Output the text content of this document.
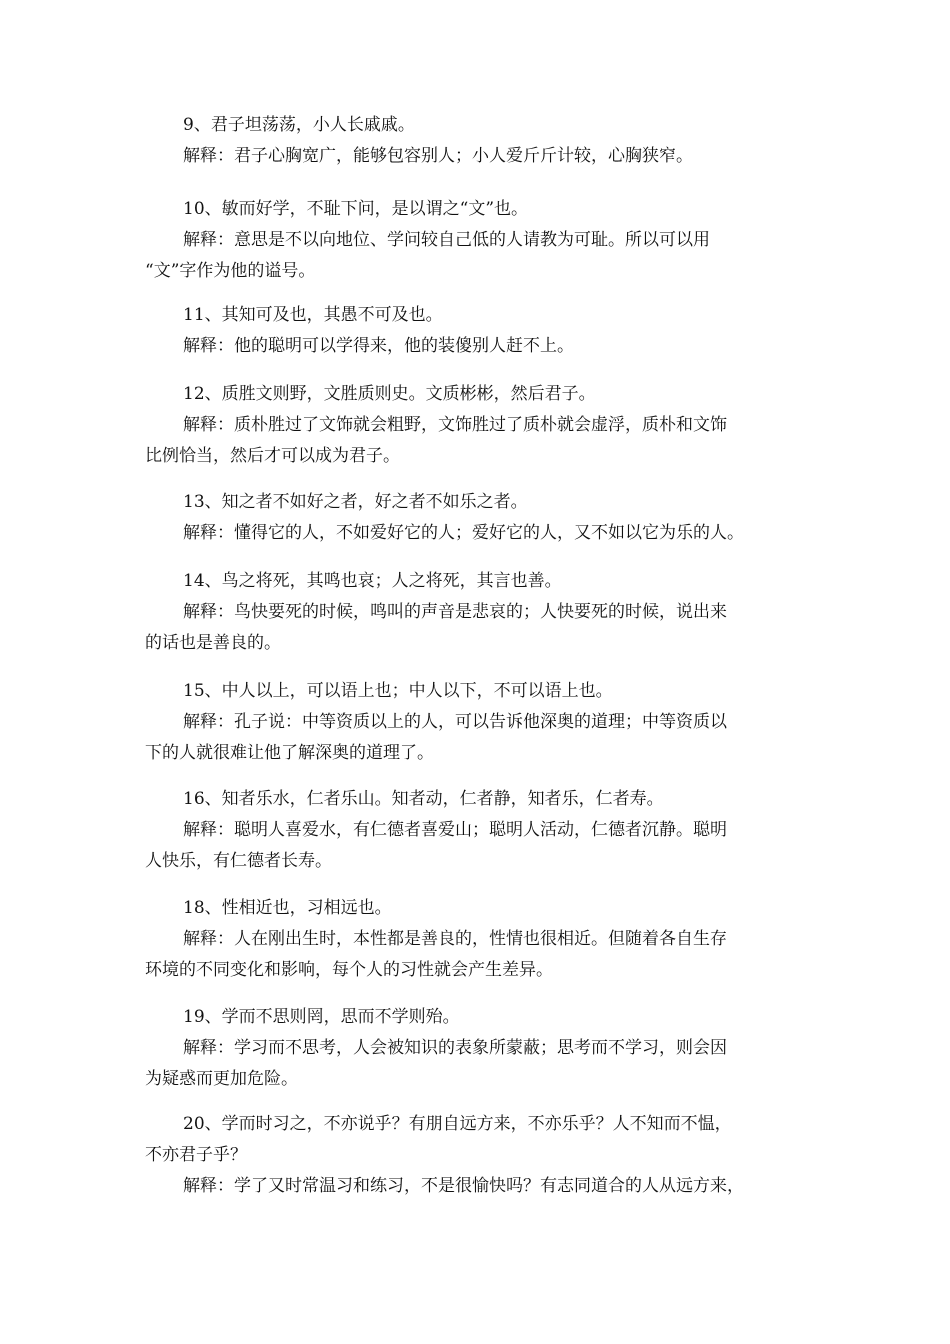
9、君子坦荡荡，小人长戚戚。
解释：君子心胸宽广，能够包容别人；小人爱斤斤计较，心胸狭窄。
10、敏而好学，不耻下问，是以谓之“文”也。
解释：意思是不以向地位、学问较自己低的人请教为可耻。所以可以用
“文”字作为他的谥号。
11、其知可及也，其愚不可及也。
解释：他的聪明可以学得来，他的装傻别人赶不上。
12、质胜文则野，文胜质则史。文质彬彬，然后君子。
解释：质朴胜过了文饰就会粗野，文饰胜过了质朴就会虚浮，质朴和文饰
比例恰当，然后才可以成为君子。
13、知之者不如好之者，好之者不如乐之者。
解释：懂得它的人，不如爱好它的人；爱好它的人，又不如以它为乐的人。
14、鸟之将死，其鸣也哀；人之将死，其言也善。
解释：鸟快要死的时候，鸣叫的声音是悲哀的；人快要死的时候，说出来
的话也是善良的。
15、中人以上，可以语上也；中人以下，不可以语上也。
解释：孔子说：中等资质以上的人，可以告诉他深奥的道理；中等资质以
下的人就很难让他了解深奥的道理了。
16、知者乐水，仁者乐山。知者动，仁者静，知者乐，仁者寿。
解释：聪明人喜爱水，有仁德者喜爱山；聪明人活动，仁德者沉静。聪明
人快乐，有仁德者长寿。
18、性相近也，习相远也。
解释：人在刚出生时，本性都是善良的，性情也很相近。但随着各自生存
环境的不同变化和影响，每个人的习性就会产生差异。
19、学而不思则罔，思而不学则殆。
解释：学习而不思考，人会被知识的表象所蒙蔽；思考而不学习，则会因
为疑惑而更加危险。
20、学而时习之，不亦说乎？有朋自远方来，不亦乐乎？人不知而不愠，
不亦君子乎？
解释：学了又时常温习和练习，不是很愉快吗？有志同道合的人从远方来，
